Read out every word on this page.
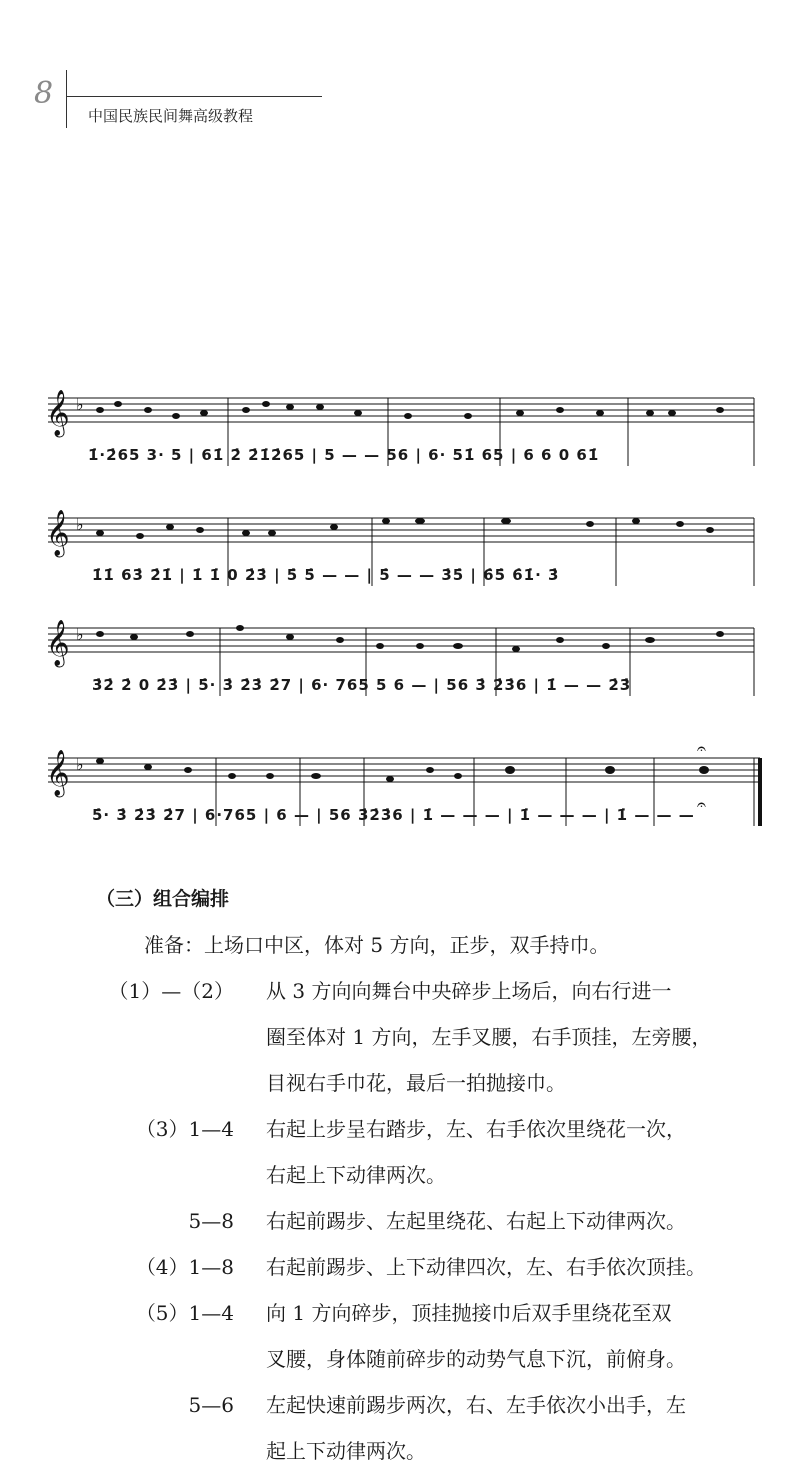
8
中国民族民间舞高级教程
𝄞
𝄞
𝄞
𝄞
♭
♭
♭
♭
𝄐
𝄐
1̇·2̇65 3· 5 | 61̇ 2̇ 2̇1̇2̇65 | 5 — — 56 | 6· 51̇ 65 | 6 6 0 61̇
1̇1̇ 63̇ 2̇1̇ | 1̇ 1̇ 0 2̇3̇ | 5̇ 5̇ — — | 5̇ — — 3̇5̇ | 6̇5̇ 6̇1̇· 3̇
3̇2̇ 2̇ 0 2̇3̇ | 5̇· 3̇ 2̇3̇ 2̇7 | 6· 765 5 6 — | 56 3̇ 2̇3̇6 | 1̇ — — 2̇3̇
5̇· 3̇ 2̇3̇ 2̇7 | 6·765 | 6 — | 56 3̇2̇3̇6 | 1̇ — — — | 1̇ — — — | 1̇ — — —
（三）组合编排
准备：上场口中区，体对 5 方向，正步，双手持巾。
（1）—（2） 从 3 方向向舞台中央碎步上场后，向右行进一
圈至体对 1 方向，左手叉腰，右手顶挂，左旁腰，
目视右手巾花，最后一拍抛接巾。
（3）1—4 右起上步呈右踏步，左、右手依次里绕花一次，
右起上下动律两次。
5—8 右起前踢步、左起里绕花、右起上下动律两次。
（4）1—8 右起前踢步、上下动律四次，左、右手依次顶挂。
（5）1—4 向 1 方向碎步，顶挂抛接巾后双手里绕花至双
叉腰，身体随前碎步的动势气息下沉，前俯身。
5—6 左起快速前踢步两次，右、左手依次小出手，左
起上下动律两次。
